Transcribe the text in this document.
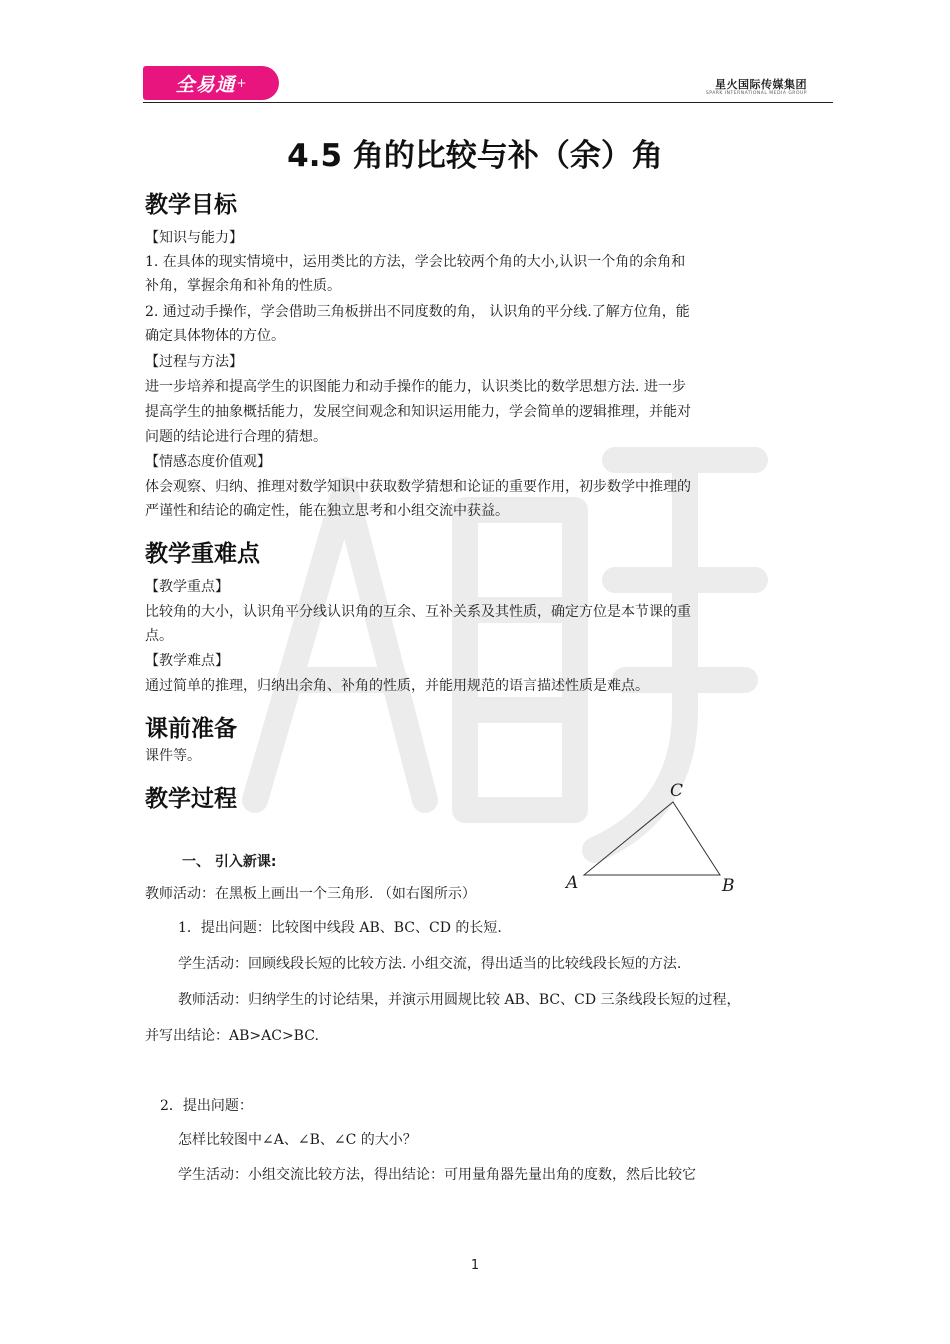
全易通 +	星火国际传媒集团
SPARK INTERNATIONAL MEDIA GROUP
4.5 角的比较与补（余）角
教学目标
【知识与能力】
1. 在具体的现实情境中，运用类比的方法，学会比较两个角的大小,认识一个角的余角和
补角，掌握余角和补角的性质。
2. 通过动手操作，学会借助三角板拼出不同度数的角， 认识角的平分线.了解方位角，能
确定具体物体的方位。
【过程与方法】
进一步培养和提高学生的识图能力和动手操作的能力，认识类比的数学思想方法. 进一步
提高学生的抽象概括能力，发展空间观念和知识运用能力，学会简单的逻辑推理，并能对
问题的结论进行合理的猜想。
【情感态度价值观】
体会观察、归纳、推理对数学知识中获取数学猜想和论证的重要作用，初步数学中推理的
严谨性和结论的确定性，能在独立思考和小组交流中获益。
教学重难点
【教学重点】
比较角的大小，认识角平分线认识角的互余、互补关系及其性质，确定方位是本节课的重
点。
【教学难点】
通过简单的推理，归纳出余角、补角的性质，并能用规范的语言描述性质是难点。
课前准备
课件等。
教学过程	C
A	B
一、 引入新课:
教师活动：在黑板上画出一个三角形. （如右图所示）
1．提出问题：比较图中线段 AB、BC、CD 的长短.
学生活动：回顾线段长短的比较方法. 小组交流，得出适当的比较线段长短的方法.
教师活动：归纳学生的讨论结果，并演示用圆规比较 AB、BC、CD 三条线段长短的过程，
并写出结论：AB>AC>BC.
2．提出问题：
怎样比较图中∠A、∠B、∠C 的大小？
学生活动：小组交流比较方法，得出结论：可用量角器先量出角的度数，然后比较它
1
